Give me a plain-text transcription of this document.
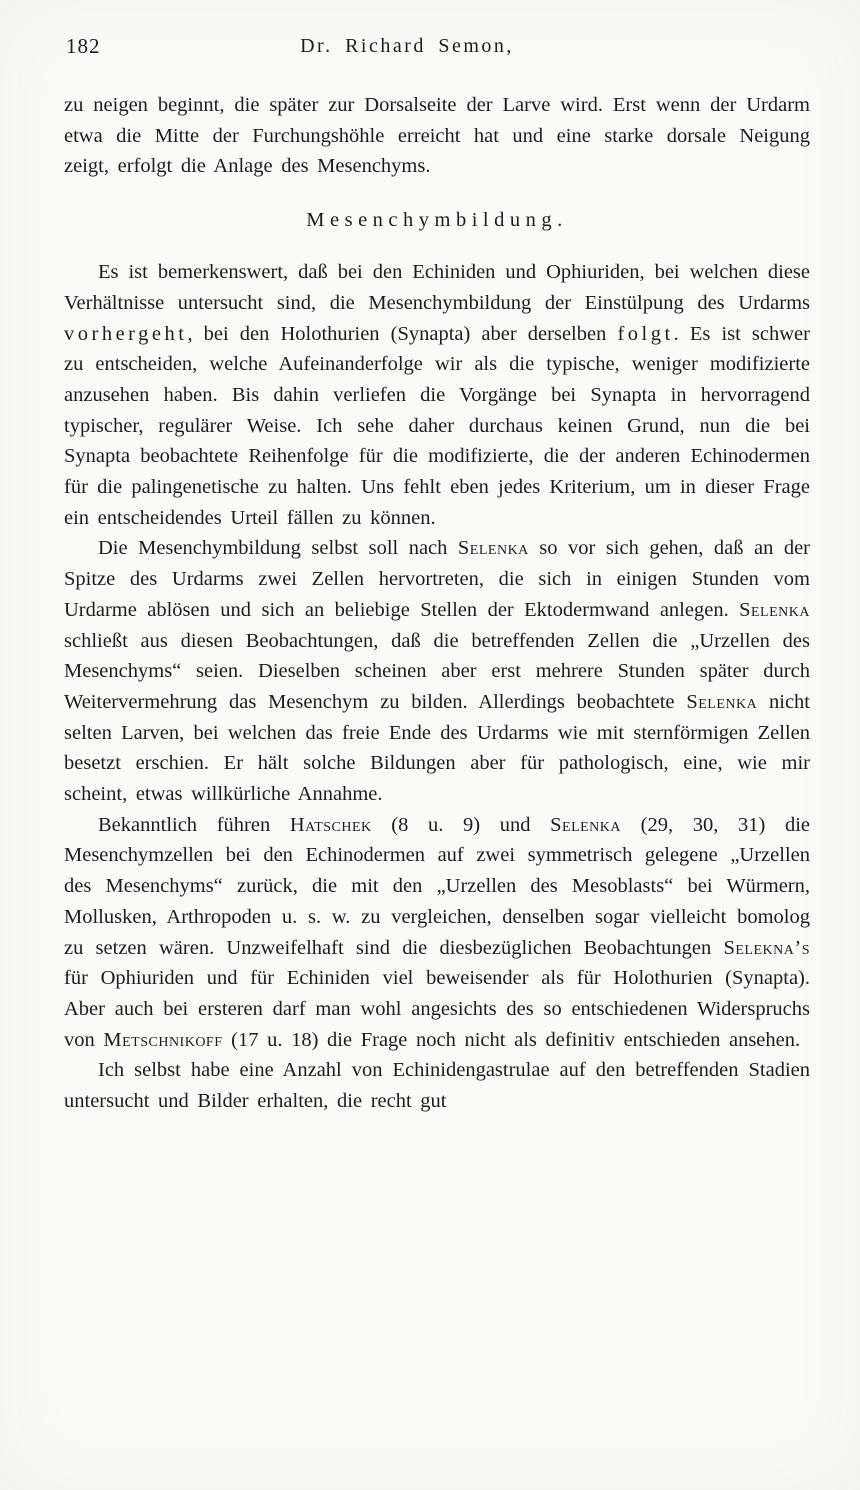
182	Dr. Richard Semon,

zu neigen beginnt, die später zur Dorsalseite der Larve wird. Erst wenn der Urdarm etwa die Mitte der Furchungshöhle erreicht hat und eine starke dorsale Neigung zeigt, erfolgt die Anlage des Mesenchyms.

Mesenchymbildung.

Es ist bemerkenswert, daß bei den Echiniden und Ophiuriden, bei welchen diese Verhältnisse untersucht sind, die Mesenchymbildung der Einstülpung des Urdarms vorhergeht, bei den Holothurien (Synapta) aber derselben folgt. Es ist schwer zu entscheiden, welche Aufeinanderfolge wir als die typische, weniger modifizierte anzusehen haben. Bis dahin verliefen die Vorgänge bei Synapta in hervorragend typischer, regulärer Weise. Ich sehe daher durchaus keinen Grund, nun die bei Synapta beobachtete Reihenfolge für die modifizierte, die der anderen Echinodermen für die palingenetische zu halten. Uns fehlt eben jedes Kriterium, um in dieser Frage ein entscheidendes Urteil fällen zu können.

Die Mesenchymbildung selbst soll nach Selenka so vor sich gehen, daß an der Spitze des Urdarms zwei Zellen hervortreten, die sich in einigen Stunden vom Urdarme ablösen und sich an beliebige Stellen der Ektodermwand anlegen. Selenka schließt aus diesen Beobachtungen, daß die betreffenden Zellen die „Urzellen des Mesenchyms“ seien. Dieselben scheinen aber erst mehrere Stunden später durch Weitervermehrung das Mesenchym zu bilden. Allerdings beobachtete Selenka nicht selten Larven, bei welchen das freie Ende des Urdarms wie mit sternförmigen Zellen besetzt erschien. Er hält solche Bildungen aber für pathologisch, eine, wie mir scheint, etwas willkürliche Annahme.

Bekanntlich führen Hatschek (8 u. 9) und Selenka (29, 30, 31) die Mesenchymzellen bei den Echinodermen auf zwei symmetrisch gelegene „Urzellen des Mesenchyms“ zurück, die mit den „Urzellen des Mesoblasts“ bei Würmern, Mollusken, Arthropoden u. s. w. zu vergleichen, denselben sogar vielleicht bomolog zu setzen wären. Unzweifelhaft sind die diesbezüglichen Beobachtungen Selekna’s für Ophiuriden und für Echiniden viel beweisender als für Holothurien (Synapta). Aber auch bei ersteren darf man wohl angesichts des so entschiedenen Widerspruchs von Metschnikoff (17 u. 18) die Frage noch nicht als definitiv entschieden ansehen.

Ich selbst habe eine Anzahl von Echinidengastrulae auf den betreffenden Stadien untersucht und Bilder erhalten, die recht gut
